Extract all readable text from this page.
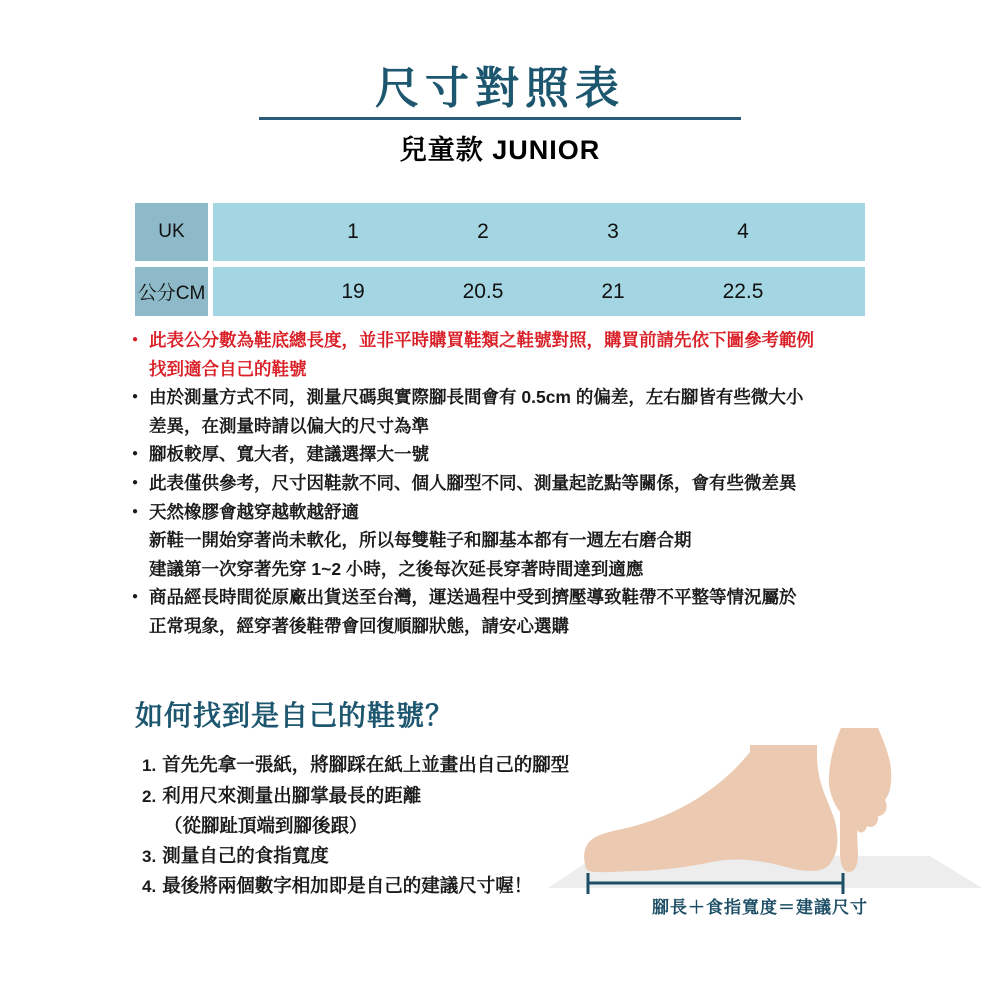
尺寸對照表
兒童款 JUNIOR
UK	1	2	3	4
公分CM	19	20.5	21	22.5
● 此表公分數為鞋底總長度，並非平時購買鞋類之鞋號對照，購買前請先依下圖參考範例
找到適合自己的鞋號
● 由於測量方式不同，測量尺碼與實際腳長間會有 0.5cm 的偏差，左右腳皆有些微大小
差異，在測量時請以偏大的尺寸為準
● 腳板較厚、寬大者，建議選擇大一號
● 此表僅供參考，尺寸因鞋款不同、個人腳型不同、測量起訖點等關係，會有些微差異
● 天然橡膠會越穿越軟越舒適
新鞋一開始穿著尚未軟化，所以每雙鞋子和腳基本都有一週左右磨合期
建議第一次穿著先穿 1~2 小時，之後每次延長穿著時間達到適應
● 商品經長時間從原廠出貨送至台灣，運送過程中受到擠壓導致鞋帶不平整等情況屬於
正常現象，經穿著後鞋帶會回復順腳狀態，請安心選購
如何找到是自己的鞋號？
1. 首先先拿一張紙，將腳踩在紙上並畫出自己的腳型
2. 利用尺來測量出腳掌最長的距離
（從腳趾頂端到腳後跟）
3. 測量自己的食指寬度
4. 最後將兩個數字相加即是自己的建議尺寸喔！
腳長＋食指寬度＝建議尺寸
